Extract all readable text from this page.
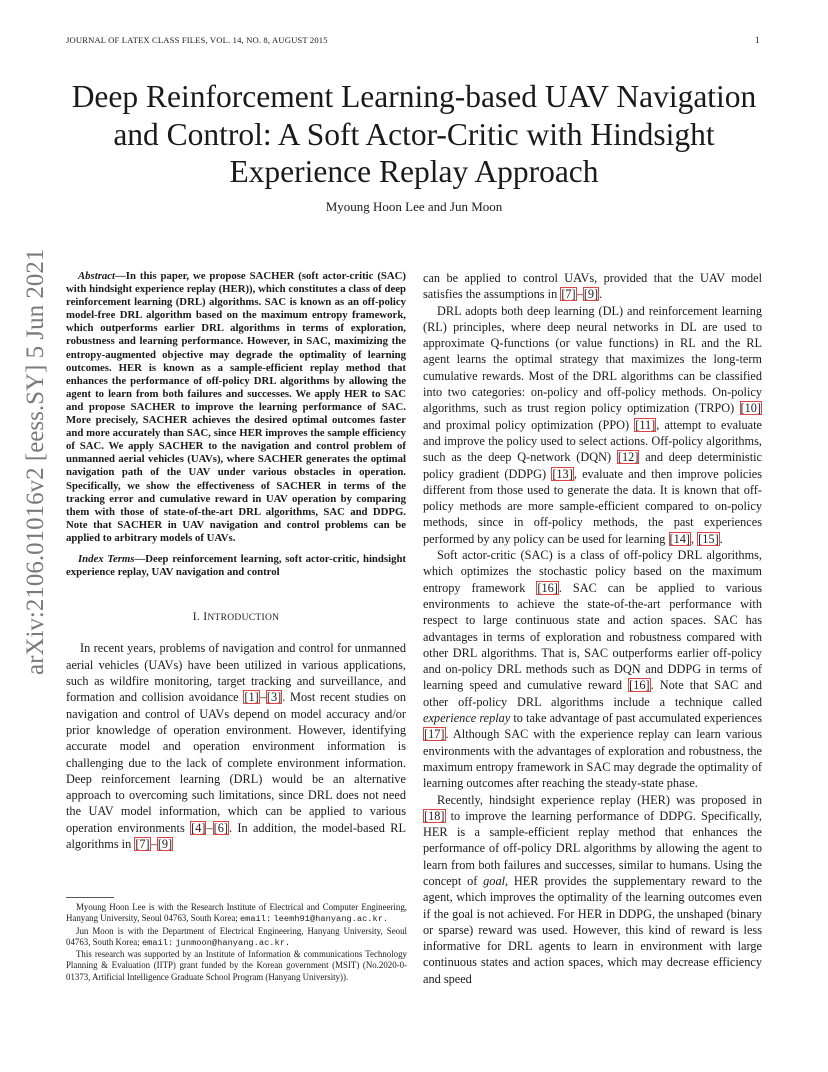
JOURNAL OF LATEX CLASS FILES, VOL. 14, NO. 8, AUGUST 2015	1
arXiv:2106.01016v2 [eess.SY] 5 Jun 2021
Deep Reinforcement Learning-based UAV Navigation and Control: A Soft Actor-Critic with Hindsight Experience Replay Approach
Myoung Hoon Lee and Jun Moon

Abstract—In this paper, we propose SACHER (soft actor-critic (SAC) with hindsight experience replay (HER)), which constitutes a class of deep reinforcement learning (DRL) algorithms. SAC is known as an off-policy model-free DRL algorithm based on the maximum entropy framework, which outperforms earlier DRL algorithms in terms of exploration, robustness and learning performance. However, in SAC, maximizing the entropy-augmented objective may degrade the optimality of learning outcomes. HER is known as a sample-efficient replay method that enhances the performance of off-policy DRL algorithms by allowing the agent to learn from both failures and successes. We apply HER to SAC and propose SACHER to improve the learning performance of SAC. More precisely, SACHER achieves the desired optimal outcomes faster and more accurately than SAC, since HER improves the sample efficiency of SAC. We apply SACHER to the navigation and control problem of unmanned aerial vehicles (UAVs), where SACHER generates the optimal navigation path of the UAV under various obstacles in operation. Specifically, we show the effectiveness of SACHER in terms of the tracking error and cumulative reward in UAV operation by comparing them with those of state-of-the-art DRL algorithms, SAC and DDPG. Note that SACHER in UAV navigation and control problems can be applied to arbitrary models of UAVs.

Index Terms—Deep reinforcement learning, soft actor-critic, hindsight experience replay, UAV navigation and control

I. INTRODUCTION

In recent years, problems of navigation and control for unmanned aerial vehicles (UAVs) have been utilized in various applications, such as wildfire monitoring, target tracking and surveillance, and formation and collision avoidance [1]–[3]. Most recent studies on navigation and control of UAVs depend on model accuracy and/or prior knowledge of operation environment. However, identifying accurate model and operation environment information is challenging due to the lack of complete environment information. Deep reinforcement learning (DRL) would be an alternative approach to overcoming such limitations, since DRL does not need the UAV model information, which can be applied to various operation environments [4]–[6]. In addition, the model-based RL algorithms in [7]–[9]

Myoung Hoon Lee is with the Research Institute of Electrical and Computer Engineering, Hanyang University, Seoul 04763, South Korea; email: leemh91@hanyang.ac.kr.

Jun Moon is with the Department of Electrical Engineering, Hanyang University, Seoul 04763, South Korea; email: junmoon@hanyang.ac.kr.

This research was supported by an Institute of Information & communications Technology Planning & Evaluation (IITP) grant funded by the Korean government (MSIT) (No.2020-0-01373, Artificial Intelligence Graduate School Program (Hanyang University)).

can be applied to control UAVs, provided that the UAV model satisfies the assumptions in [7]–[9].

DRL adopts both deep learning (DL) and reinforcement learning (RL) principles, where deep neural networks in DL are used to approximate Q-functions (or value functions) in RL and the RL agent learns the optimal strategy that maximizes the long-term cumulative rewards. Most of the DRL algorithms can be classified into two categories: on-policy and off-policy methods. On-policy algorithms, such as trust region policy optimization (TRPO) [10] and proximal policy optimization (PPO) [11], attempt to evaluate and improve the policy used to select actions. Off-policy algorithms, such as the deep Q-network (DQN) [12] and deep deterministic policy gradient (DDPG) [13], evaluate and then improve policies different from those used to generate the data. It is known that off-policy methods are more sample-efficient compared to on-policy methods, since in off-policy methods, the past experiences performed by any policy can be used for learning [14], [15].

Soft actor-critic (SAC) is a class of off-policy DRL algorithms, which optimizes the stochastic policy based on the maximum entropy framework [16]. SAC can be applied to various environments to achieve the state-of-the-art performance with respect to large continuous state and action spaces. SAC has advantages in terms of exploration and robustness compared with other DRL algorithms. That is, SAC outperforms earlier off-policy and on-policy DRL methods such as DQN and DDPG in terms of learning speed and cumulative reward [16]. Note that SAC and other off-policy DRL algorithms include a technique called experience replay to take advantage of past accumulated experiences [17]. Although SAC with the experience replay can learn various environments with the advantages of exploration and robustness, the maximum entropy framework in SAC may degrade the optimality of learning outcomes after reaching the steady-state phase.

Recently, hindsight experience replay (HER) was proposed in [18] to improve the learning performance of DDPG. Specifically, HER is a sample-efficient replay method that enhances the performance of off-policy DRL algorithms by allowing the agent to learn from both failures and successes, similar to humans. Using the concept of goal, HER provides the supplementary reward to the agent, which improves the optimality of the learning outcomes even if the goal is not achieved. For HER in DDPG, the unshaped (binary or sparse) reward was used. However, this kind of reward is less informative for DRL agents to learn in environment with large continuous states and action spaces, which may decrease efficiency and speed
